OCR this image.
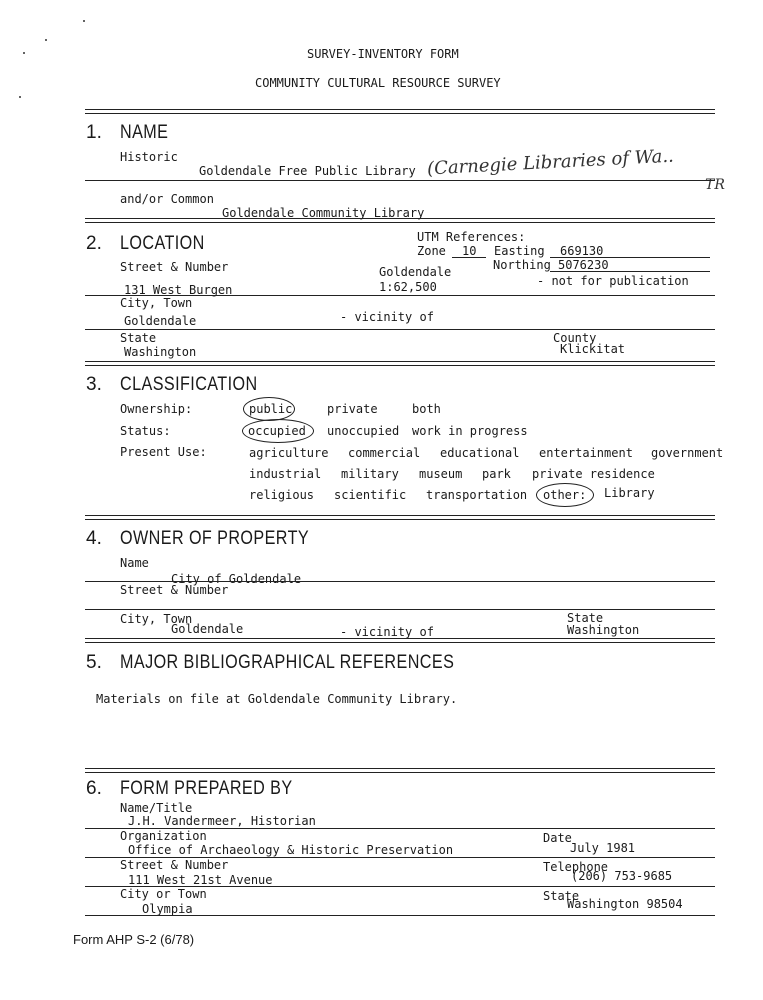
SURVEY-INVENTORY FORM
COMMUNITY CULTURAL RESOURCE SURVEY
1. NAME
Historic
Goldendale Free Public Library (Carnegie Libraries of Wa..
TR
and/or Common
Goldendale Community Library
2. LOCATION	UTM References:
Zone 10 Easting 669130
Goldendale	Northing 5076230
1:62,500	- not for publication
Street & Number
131 West Burgen
City, Town
Goldendale	- vicinity of
State
Washington
County
Klickitat
3. CLASSIFICATION
Ownership:	public	private	both
Status:	occupied unoccupied work in progress
Present Use:	agriculture commercial educational entertainment government
industrial military museum park private residence
religious scientific transportation other: Library
4. OWNER OF PROPERTY
Name
City of Goldendale
Street & Number
City, Town
Goldendale	- vicinity of
State
Washington
5. MAJOR BIBLIOGRAPHICAL REFERENCES
Materials on file at Goldendale Community Library.
6. FORM PREPARED BY
Name/Title
J.H. Vandermeer, Historian
Organization
Office of Archaeology & Historic Preservation
Date
July 1981
Street & Number
111 West 21st Avenue
Telephone
(206) 753-9685
City or Town
Olympia
State
Washington 98504
Form AHP S-2 (6/78)
